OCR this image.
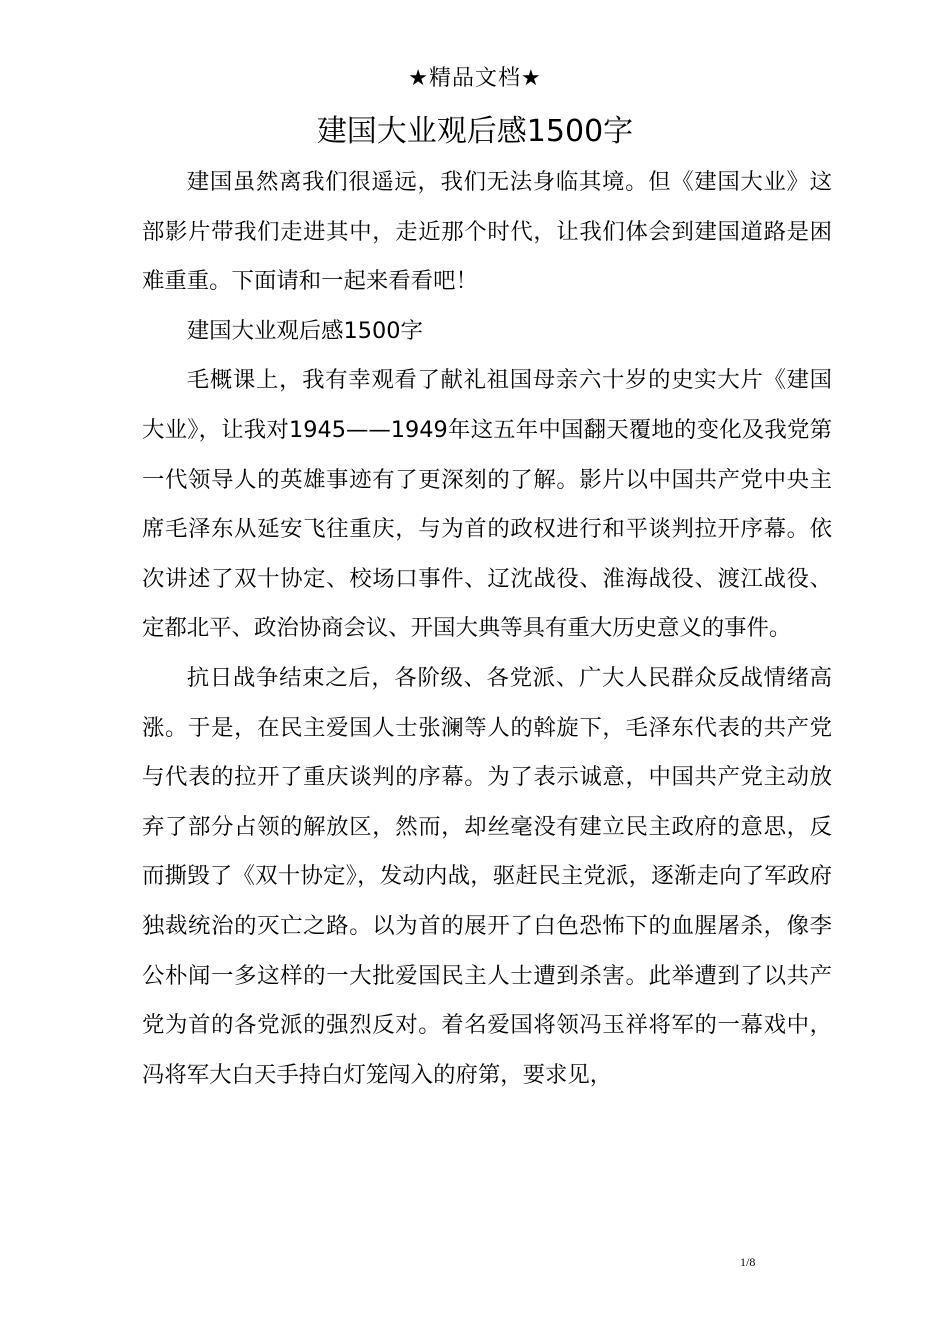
★精品文档★
建国大业观后感1500字

建国虽然离我们很遥远，我们无法身临其境。但《建国大业》这部影片带我们走进其中，走近那个时代，让我们体会到建国道路是困难重重。下面请和一起来看看吧！

建国大业观后感1500字

毛概课上，我有幸观看了献礼祖国母亲六十岁的史实大片《建国大业》，让我对1945——1949年这五年中国翻天覆地的变化及我党第一代领导人的英雄事迹有了更深刻的了解。影片以中国共产党中央主席毛泽东从延安飞往重庆，与为首的政权进行和平谈判拉开序幕。依次讲述了双十协定、校场口事件、辽沈战役、淮海战役、渡江战役、定都北平、政治协商会议、开国大典等具有重大历史意义的事件。

抗日战争结束之后，各阶级、各党派、广大人民群众反战情绪高涨。于是，在民主爱国人士张澜等人的斡旋下，毛泽东代表的共产党与代表的拉开了重庆谈判的序幕。为了表示诚意，中国共产党主动放弃了部分占领的解放区，然而，却丝毫没有建立民主政府的意思，反而撕毁了《双十协定》，发动内战，驱赶民主党派，逐渐走向了军政府独裁统治的灭亡之路。以为首的展开了白色恐怖下的血腥屠杀，像李公朴闻一多这样的一大批爱国民主人士遭到杀害。此举遭到了以共产党为首的各党派的强烈反对。着名爱国将领冯玉祥将军的一幕戏中，冯将军大白天手持白灯笼闯入的府第，要求见，

1/8
